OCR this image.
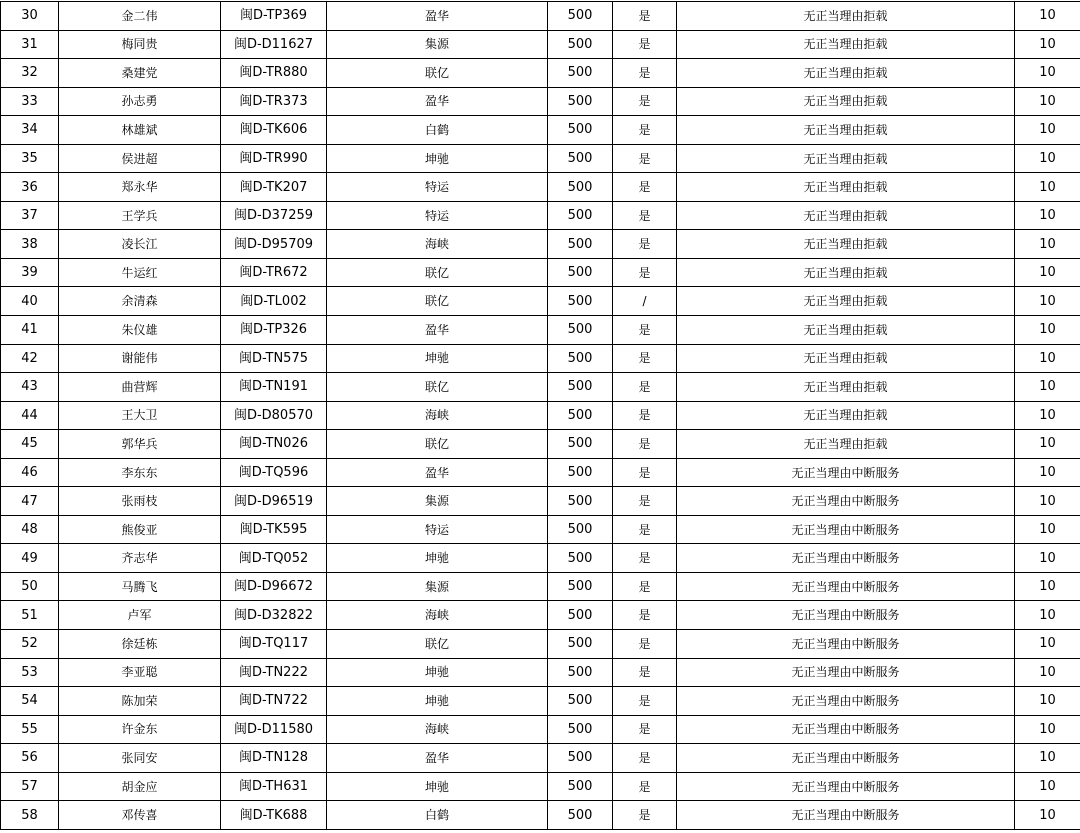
30	金二伟	闽D-TP369	盈华	500	是	无正当理由拒载	10
31	梅同贵	闽D-D11627	集源	500	是	无正当理由拒载	10
32	桑建党	闽D-TR880	联亿	500	是	无正当理由拒载	10
33	孙志勇	闽D-TR373	盈华	500	是	无正当理由拒载	10
34	林雄斌	闽D-TK606	白鹤	500	是	无正当理由拒载	10
35	侯进超	闽D-TR990	坤驰	500	是	无正当理由拒载	10
36	郑永华	闽D-TK207	特运	500	是	无正当理由拒载	10
37	王学兵	闽D-D37259	特运	500	是	无正当理由拒载	10
38	凌长江	闽D-D95709	海峡	500	是	无正当理由拒载	10
39	牛运红	闽D-TR672	联亿	500	是	无正当理由拒载	10
40	余清森	闽D-TL002	联亿	500	/	无正当理由拒载	10
41	朱仪雄	闽D-TP326	盈华	500	是	无正当理由拒载	10
42	谢能伟	闽D-TN575	坤驰	500	是	无正当理由拒载	10
43	曲营辉	闽D-TN191	联亿	500	是	无正当理由拒载	10
44	王大卫	闽D-D80570	海峡	500	是	无正当理由拒载	10
45	郭华兵	闽D-TN026	联亿	500	是	无正当理由拒载	10
46	李东东	闽D-TQ596	盈华	500	是	无正当理由中断服务	10
47	张雨枝	闽D-D96519	集源	500	是	无正当理由中断服务	10
48	熊俊亚	闽D-TK595	特运	500	是	无正当理由中断服务	10
49	齐志华	闽D-TQ052	坤驰	500	是	无正当理由中断服务	10
50	马腾飞	闽D-D96672	集源	500	是	无正当理由中断服务	10
51	卢军	闽D-D32822	海峡	500	是	无正当理由中断服务	10
52	徐廷栋	闽D-TQ117	联亿	500	是	无正当理由中断服务	10
53	李亚聪	闽D-TN222	坤驰	500	是	无正当理由中断服务	10
54	陈加荣	闽D-TN722	坤驰	500	是	无正当理由中断服务	10
55	许金东	闽D-D11580	海峡	500	是	无正当理由中断服务	10
56	张同安	闽D-TN128	盈华	500	是	无正当理由中断服务	10
57	胡金应	闽D-TH631	坤驰	500	是	无正当理由中断服务	10
58	邓传喜	闽D-TK688	白鹤	500	是	无正当理由中断服务	10
